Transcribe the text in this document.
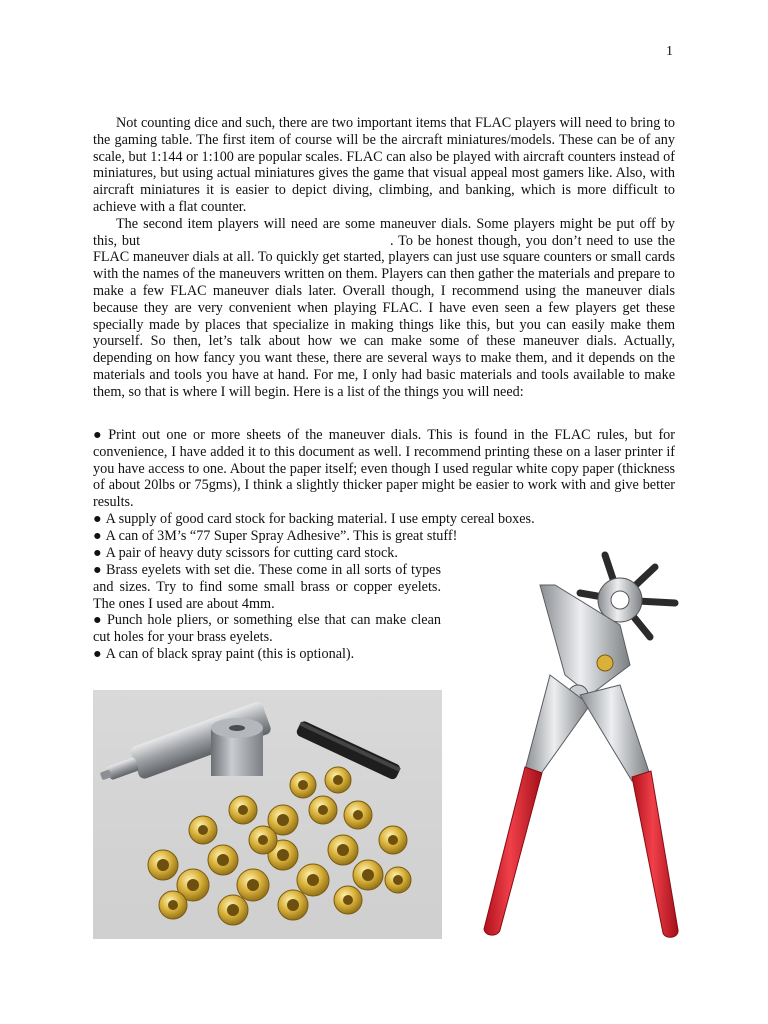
1

Not counting dice and such, there are two important items that FLAC players will need to bring to the gaming table. The first item of course will be the aircraft miniatures/models. These can be of any scale, but 1:144 or 1:100 are popular scales. FLAC can also be played with aircraft counters instead of miniatures, but using actual miniatures gives the game that visual appeal most gamers like. Also, with aircraft miniatures it is easier to depict diving, climbing, and banking, which is more difficult to achieve with a flat counter.

The second item players will need are some maneuver dials. Some players might be put off by this, but	. To be honest though, you don’t need to use the FLAC maneuver dials at all. To quickly get started, players can just use square counters or small cards with the names of the maneuvers written on them. Players can then gather the materials and prepare to make a few FLAC maneuver dials later. Overall though, I recommend using the maneuver dials because they are very convenient when playing FLAC. I have even seen a few players get these specially made by places that specialize in making things like this, but you can easily make them yourself. So then, let’s talk about how we can make some of these maneuver dials. Actually, depending on how fancy you want these, there are several ways to make them, and it depends on the materials and tools you have at hand. For me, I only had basic materials and tools available to make them, so that is where I will begin. Here is a list of the things you will need:

● Print out one or more sheets of the maneuver dials. This is found in the FLAC rules, but for convenience, I have added it to this document as well. I recommend printing these on a laser printer if you have access to one. About the paper itself; even though I used regular white copy paper (thickness of about 20lbs or 75gms), I think a slightly thicker paper might be easier to work with and give better results.
● A supply of good card stock for backing material. I use empty cereal boxes.
● A can of 3M’s “77 Super Spray Adhesive”. This is great stuff!
● A pair of heavy duty scissors for cutting card stock.
● Brass eyelets with set die. These come in all sorts of types and sizes. Try to find some small brass or copper eyelets. The ones I used are about 4mm.
● Punch hole pliers, or something else that can make clean cut holes for your brass eyelets.
● A can of black spray paint (this is optional).
